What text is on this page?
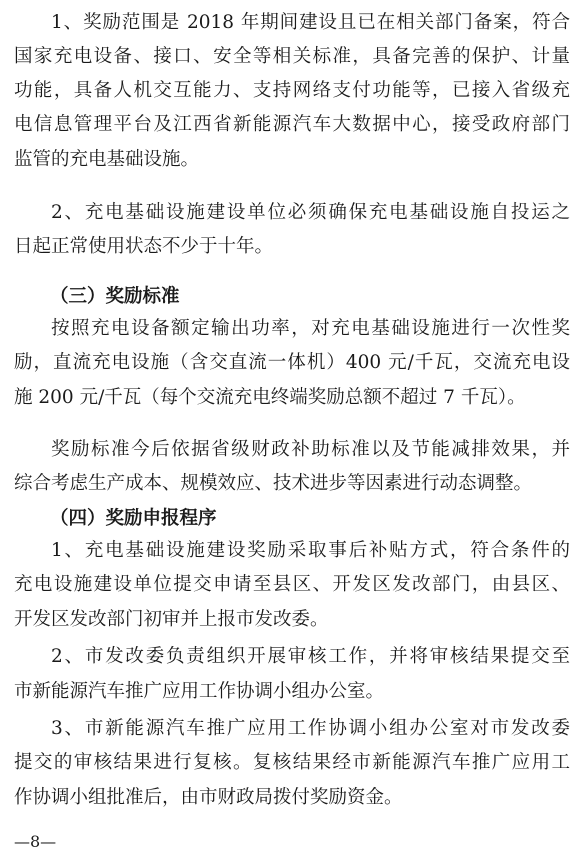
1、奖励范围是 2018 年期间建设且已在相关部门备案，符合

国家充电设备、接口、安全等相关标准，具备完善的保护、计量

功能，具备人机交互能力、支持网络支付功能等，已接入省级充

电信息管理平台及江西省新能源汽车大数据中心，接受政府部门

监管的充电基础设施。

2、充电基础设施建设单位必须确保充电基础设施自投运之

日起正常使用状态不少于十年。

（三）奖励标准

按照充电设备额定输出功率，对充电基础设施进行一次性奖

励，直流充电设施（含交直流一体机）400 元/千瓦，交流充电设

施 200 元/千瓦（每个交流充电终端奖励总额不超过 7 千瓦）。

奖励标准今后依据省级财政补助标准以及节能减排效果，并

综合考虑生产成本、规模效应、技术进步等因素进行动态调整。

（四）奖励申报程序

1、充电基础设施建设奖励采取事后补贴方式，符合条件的

充电设施建设单位提交申请至县区、开发区发改部门，由县区、

开发区发改部门初审并上报市发改委。

2、市发改委负责组织开展审核工作，并将审核结果提交至

市新能源汽车推广应用工作协调小组办公室。

3、市新能源汽车推广应用工作协调小组办公室对市发改委

提交的审核结果进行复核。复核结果经市新能源汽车推广应用工

作协调小组批准后，由市财政局拨付奖励资金。

—8—
